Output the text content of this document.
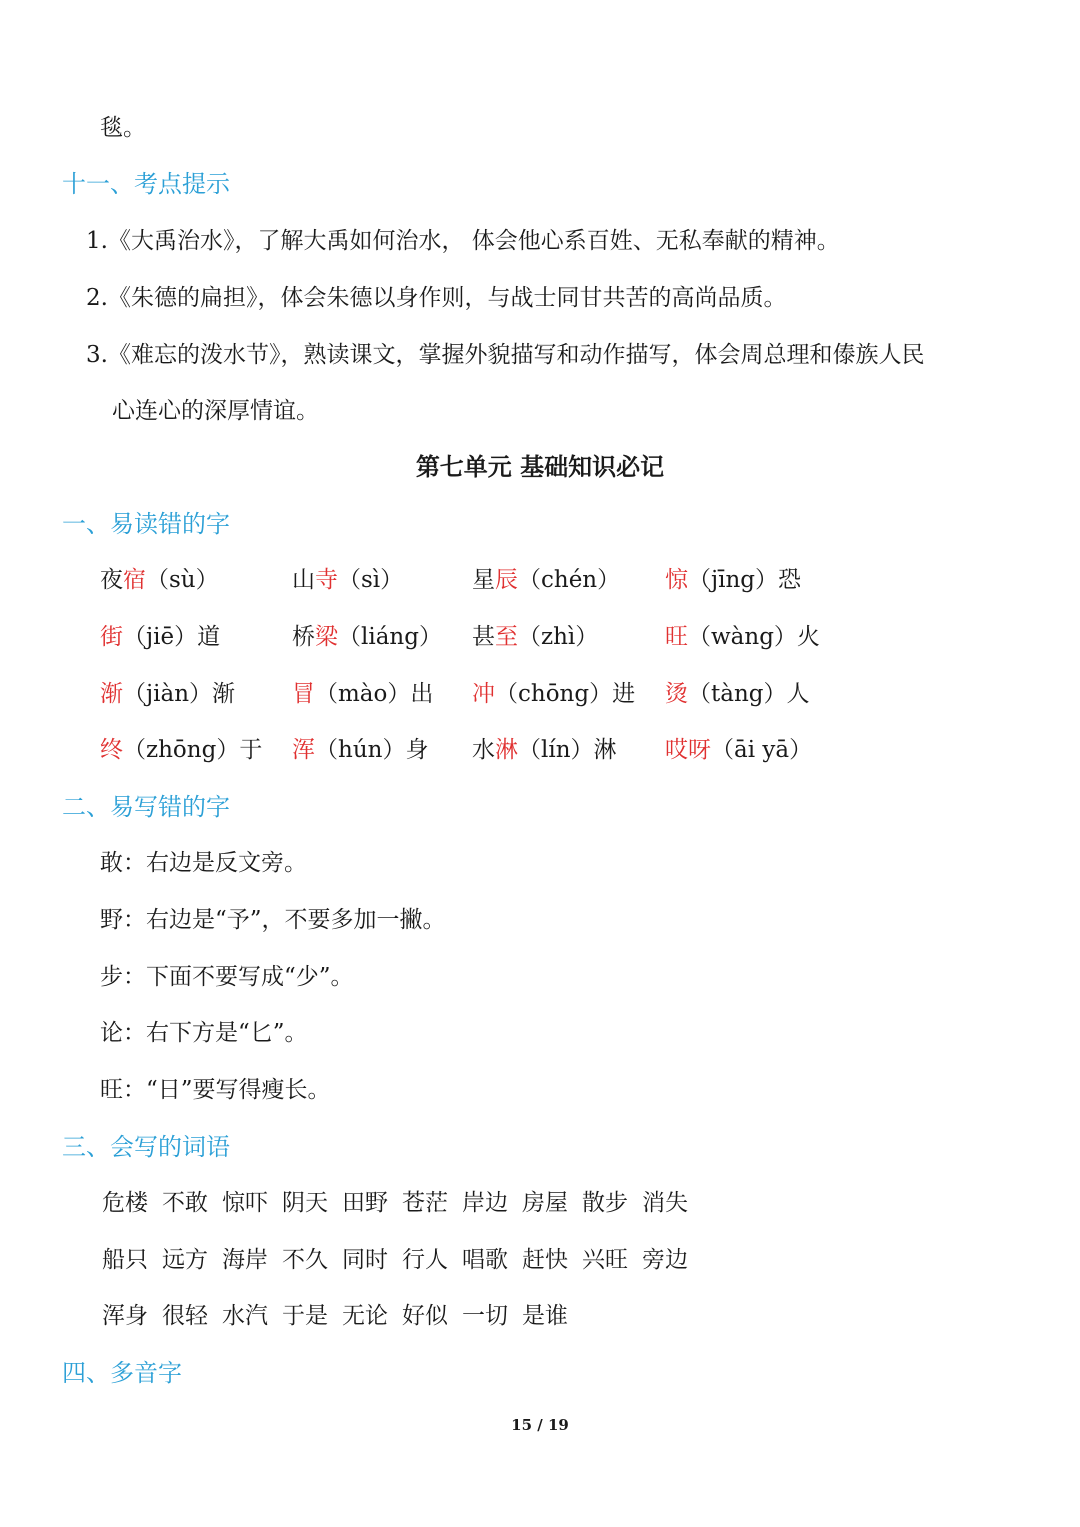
毯。
十一、考点提示
1.《大禹治水》，了解大禹如何治水， 体会他心系百姓、无私奉献的精神。
2.《朱德的扁担》，体会朱德以身作则，与战士同甘共苦的高尚品质。
3.《难忘的泼水节》，熟读课文，掌握外貌描写和动作描写，体会周总理和傣族人民
心连心的深厚情谊。
第七单元 基础知识必记
一、易读错的字
夜宿（sù）	山寺（sì）	星辰（chén） 惊（jīng）恐
街（jiē）道	桥梁（liáng） 甚至（zhì）	旺（wàng）火
渐（jiàn）渐 冒（mào）出 冲（chōng）进 烫（tàng）人
终（zhōng）于 浑（hún）身 水淋（lín）淋 哎呀（āi yā）
二、易写错的字
敢：右边是反文旁。
野：右边是“予”，不要多加一撇。
步：下面不要写成“少”。
论：右下方是“匕”。
旺：“日”要写得瘦长。
三、会写的词语
危楼 不敢 惊吓 阴天 田野 苍茫 岸边 房屋 散步 消失
船只 远方 海岸 不久 同时 行人 唱歌 赶快 兴旺 旁边
浑身 很轻 水汽 于是 无论 好似 一切 是谁
四、多音字
15 / 19
